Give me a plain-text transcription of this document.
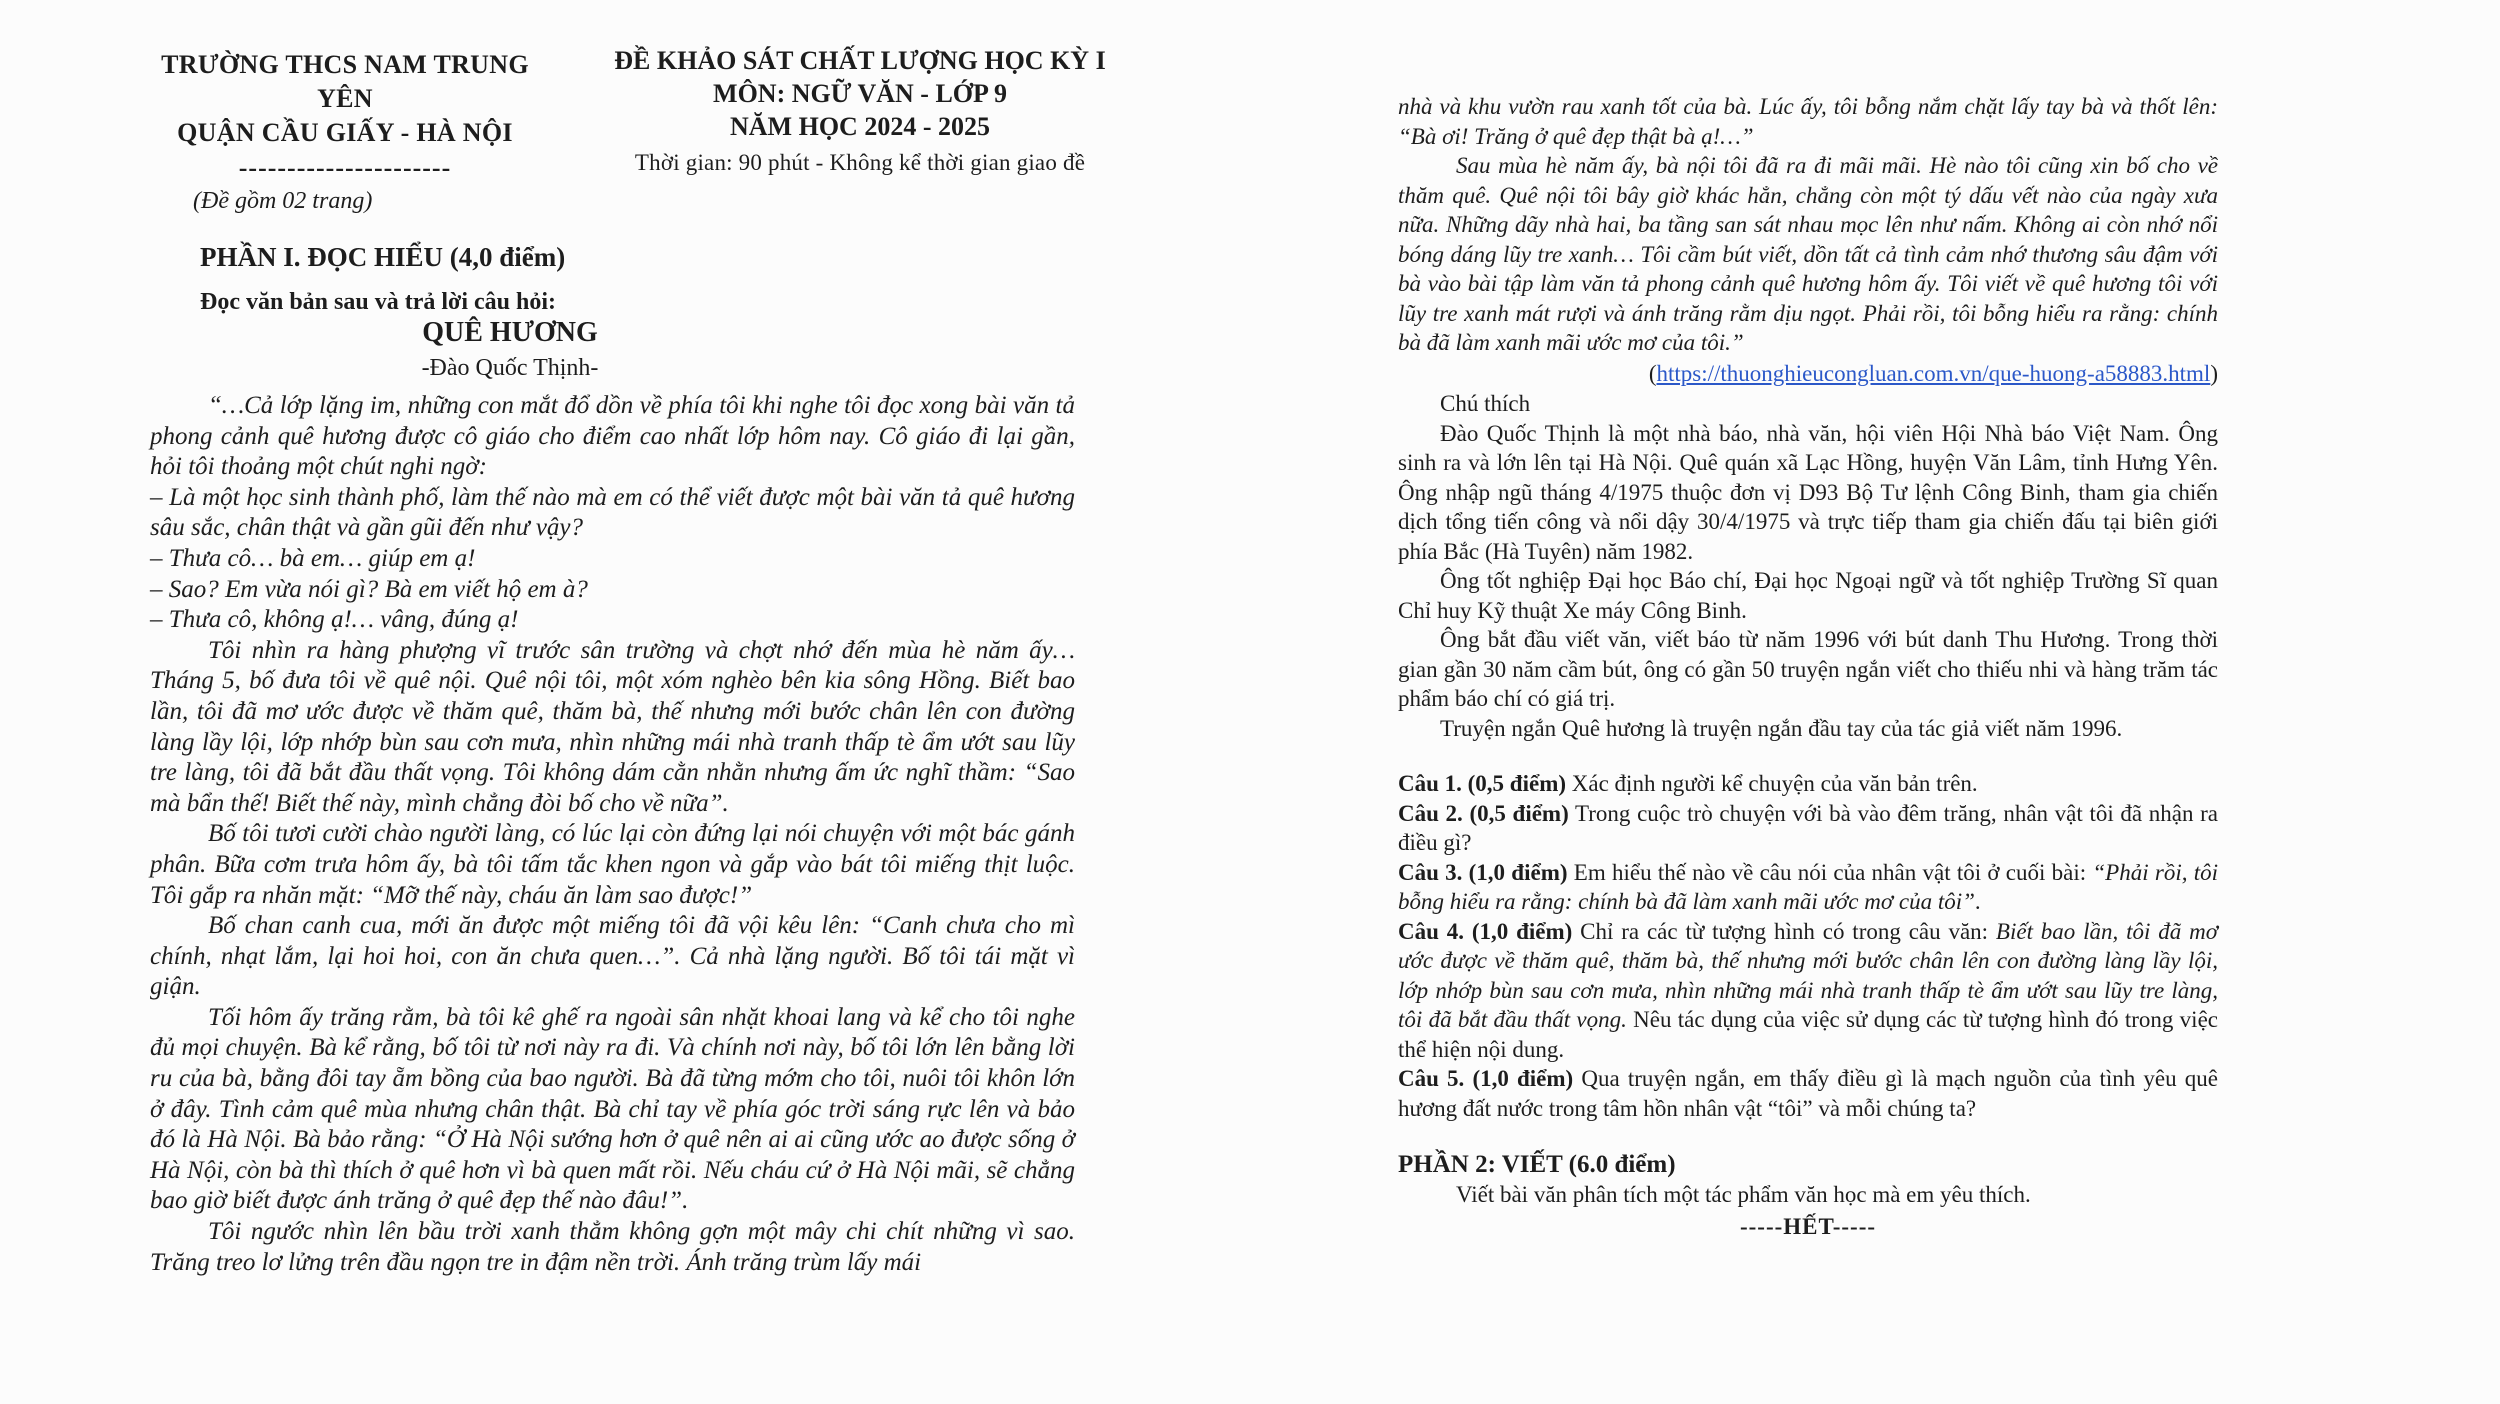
TRƯỜNG THCS NAM TRUNG YÊN
QUẬN CẦU GIẤY - HÀ NỘI
----------------------
ĐỀ KHẢO SÁT CHẤT LƯỢNG HỌC KỲ I
MÔN: NGỮ VĂN - LỚP 9
NĂM HỌC 2024 - 2025
Thời gian: 90 phút - Không kể thời gian giao đề
(Đề gồm 02 trang)
PHẦN I. ĐỌC HIỂU (4,0 điểm)
Đọc văn bản sau và trả lời câu hỏi:
QUÊ HƯƠNG
-Đào Quốc Thịnh-

“…Cả lớp lặng im, những con mắt đổ dồn về phía tôi khi nghe tôi đọc xong bài văn tả phong cảnh quê hương được cô giáo cho điểm cao nhất lớp hôm nay. Cô giáo đi lại gần, hỏi tôi thoảng một chút nghi ngờ:

– Là một học sinh thành phố, làm thế nào mà em có thể viết được một bài văn tả quê hương sâu sắc, chân thật và gần gũi đến như vậy?

– Thưa cô… bà em… giúp em ạ!

– Sao? Em vừa nói gì? Bà em viết hộ em à?

– Thưa cô, không ạ!… vâng, đúng ạ!

Tôi nhìn ra hàng phượng vĩ trước sân trường và chợt nhớ đến mùa hè năm ấy… Tháng 5, bố đưa tôi về quê nội. Quê nội tôi, một xóm nghèo bên kia sông Hồng. Biết bao lần, tôi đã mơ ước được về thăm quê, thăm bà, thế nhưng mới bước chân lên con đường làng lầy lội, lớp nhớp bùn sau cơn mưa, nhìn những mái nhà tranh thấp tè ẩm ướt sau lũy tre làng, tôi đã bắt đầu thất vọng. Tôi không dám cằn nhằn nhưng ấm ức nghĩ thầm: “Sao mà bẩn thế! Biết thế này, mình chẳng đòi bố cho về nữa”.

Bố tôi tươi cười chào người làng, có lúc lại còn đứng lại nói chuyện với một bác gánh phân. Bữa cơm trưa hôm ấy, bà tôi tấm tắc khen ngon và gắp vào bát tôi miếng thịt luộc. Tôi gắp ra nhăn mặt: “Mỡ thế này, cháu ăn làm sao được!”

Bố chan canh cua, mới ăn được một miếng tôi đã vội kêu lên: “Canh chưa cho mì chính, nhạt lắm, lại hoi hoi, con ăn chưa quen…”. Cả nhà lặng người. Bố tôi tái mặt vì giận.

Tối hôm ấy trăng rằm, bà tôi kê ghế ra ngoài sân nhặt khoai lang và kể cho tôi nghe đủ mọi chuyện. Bà kể rằng, bố tôi từ nơi này ra đi. Và chính nơi này, bố tôi lớn lên bằng lời ru của bà, bằng đôi tay ẵm bồng của bao người. Bà đã từng mớm cho tôi, nuôi tôi khôn lớn ở đây. Tình cảm quê mùa nhưng chân thật. Bà chỉ tay về phía góc trời sáng rực lên và bảo đó là Hà Nội. Bà bảo rằng: “Ở Hà Nội sướng hơn ở quê nên ai ai cũng ước ao được sống ở Hà Nội, còn bà thì thích ở quê hơn vì bà quen mất rồi. Nếu cháu cứ ở Hà Nội mãi, sẽ chẳng bao giờ biết được ánh trăng ở quê đẹp thế nào đâu!”.

Tôi ngước nhìn lên bầu trời xanh thẳm không gợn một mây chi chít những vì sao. Trăng treo lơ lửng trên đầu ngọn tre in đậm nền trời. Ánh trăng trùm lấy mái

nhà và khu vườn rau xanh tốt của bà. Lúc ấy, tôi bỗng nắm chặt lấy tay bà và thốt lên: “Bà ơi! Trăng ở quê đẹp thật bà ạ!…”

Sau mùa hè năm ấy, bà nội tôi đã ra đi mãi mãi. Hè nào tôi cũng xin bố cho về thăm quê. Quê nội tôi bây giờ khác hẳn, chẳng còn một tý dấu vết nào của ngày xưa nữa. Những dãy nhà hai, ba tầng san sát nhau mọc lên như nấm. Không ai còn nhớ nổi bóng dáng lũy tre xanh… Tôi cầm bút viết, dồn tất cả tình cảm nhớ thương sâu đậm với bà vào bài tập làm văn tả phong cảnh quê hương hôm ấy. Tôi viết về quê hương tôi với lũy tre xanh mát rượi và ánh trăng rằm dịu ngọt. Phải rồi, tôi bỗng hiểu ra rằng: chính bà đã làm xanh mãi ước mơ của tôi.”

(https://thuonghieucongluan.com.vn/que-huong-a58883.html)
Chú thích

Đào Quốc Thịnh là một nhà báo, nhà văn, hội viên Hội Nhà báo Việt Nam. Ông sinh ra và lớn lên tại Hà Nội. Quê quán xã Lạc Hồng, huyện Văn Lâm, tỉnh Hưng Yên. Ông nhập ngũ tháng 4/1975 thuộc đơn vị D93 Bộ Tư lệnh Công Binh, tham gia chiến dịch tổng tiến công và nổi dậy 30/4/1975 và trực tiếp tham gia chiến đấu tại biên giới phía Bắc (Hà Tuyên) năm 1982.

Ông tốt nghiệp Đại học Báo chí, Đại học Ngoại ngữ và tốt nghiệp Trường Sĩ quan Chỉ huy Kỹ thuật Xe máy Công Binh.

Ông bắt đầu viết văn, viết báo từ năm 1996 với bút danh Thu Hương. Trong thời gian gần 30 năm cầm bút, ông có gần 50 truyện ngắn viết cho thiếu nhi và hàng trăm tác phẩm báo chí có giá trị.

Truyện ngắn Quê hương là truyện ngắn đầu tay của tác giả viết năm 1996.

Câu 1. (0,5 điểm) Xác định người kể chuyện của văn bản trên.
Câu 2. (0,5 điểm) Trong cuộc trò chuyện với bà vào đêm trăng, nhân vật tôi đã nhận ra điều gì?
Câu 3. (1,0 điểm) Em hiểu thế nào về câu nói của nhân vật tôi ở cuối bài: “Phải rồi, tôi bỗng hiểu ra rằng: chính bà đã làm xanh mãi ước mơ của tôi”.
Câu 4. (1,0 điểm) Chỉ ra các từ tượng hình có trong câu văn: Biết bao lần, tôi đã mơ ước được về thăm quê, thăm bà, thế nhưng mới bước chân lên con đường làng lầy lội, lớp nhớp bùn sau cơn mưa, nhìn những mái nhà tranh thấp tè ẩm ướt sau lũy tre làng, tôi đã bắt đầu thất vọng. Nêu tác dụng của việc sử dụng các từ tượng hình đó trong việc thể hiện nội dung.
Câu 5. (1,0 điểm) Qua truyện ngắn, em thấy điều gì là mạch nguồn của tình yêu quê hương đất nước trong tâm hồn nhân vật “tôi” và mỗi chúng ta?
PHẦN 2: VIẾT (6.0 điểm)

Viết bài văn phân tích một tác phẩm văn học mà em yêu thích.

-----HẾT-----
